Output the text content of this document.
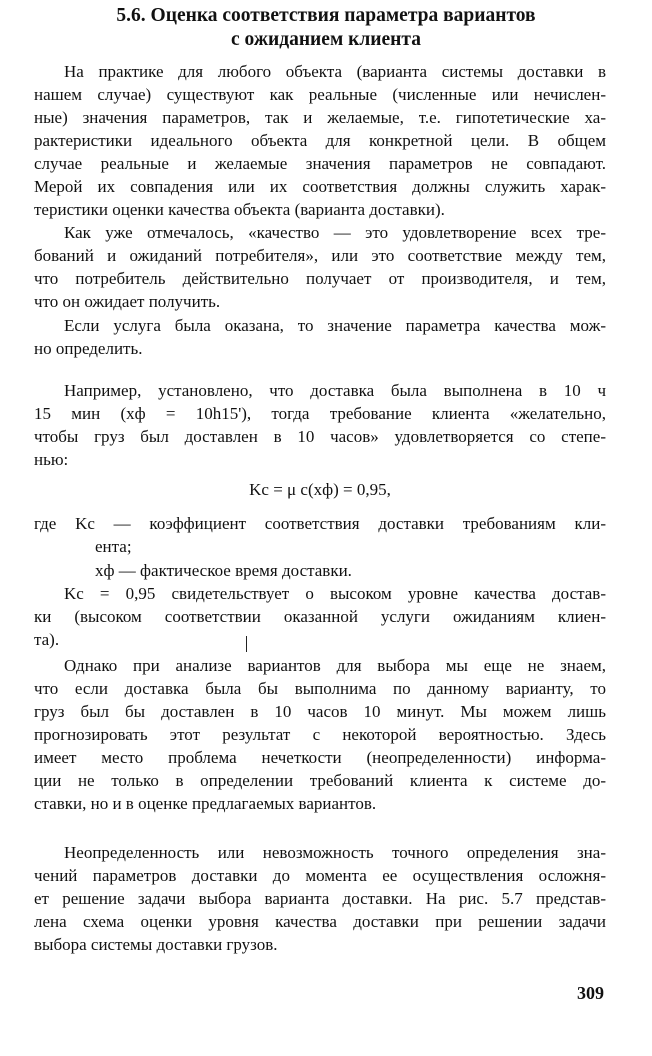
5.6. Оценка соответствия параметра вариантов
с ожиданием клиента
На практике для любого объекта (варианта системы доставки в
нашем случае) существуют как реальные (численные или нечислен-
ные) значения параметров, так и желаемые, т.е. гипотетические ха-
рактеристики идеального объекта для конкретной цели. В общем
случае реальные и желаемые значения параметров не совпадают.
Мерой их совпадения или их соответствия должны служить харак-
теристики оценки качества объекта (варианта доставки).
Как уже отмечалось, «качество — это удовлетворение всех тре-
бований и ожиданий потребителя», или это соответствие между тем,
что потребитель действительно получает от производителя, и тем,
что он ожидает получить.
Если услуга была оказана, то значение параметра качества мож-
но определить.
Например, установлено, что доставка была выполнена в 10 ч
15 мин (xф = 10h15'), тогда требование клиента «желательно,
чтобы груз был доставлен в 10 часов» удовлетворяется со степе-
нью:
Kс = μ с(xф) = 0,95,
где Kс — коэффициент соответствия доставки требованиям кли-
ента;
xф — фактическое время доставки.
Kс = 0,95 свидетельствует о высоком уровне качества достав-
ки (высоком соответствии оказанной услуги ожиданиям клиен-
та).
Однако при анализе вариантов для выбора мы еще не знаем,
что если доставка была бы выполнима по данному варианту, то
груз был бы доставлен в 10 часов 10 минут. Мы можем лишь
прогнозировать этот результат с некоторой вероятностью. Здесь
имеет место проблема нечеткости (неопределенности) информа-
ции не только в определении требований клиента к системе до-
ставки, но и в оценке предлагаемых вариантов.
Неопределенность или невозможность точного определения зна-
чений параметров доставки до момента ее осуществления осложня-
ет решение задачи выбора варианта доставки. На рис. 5.7 представ-
лена схема оценки уровня качества доставки при решении задачи
выбора системы доставки грузов.
309
